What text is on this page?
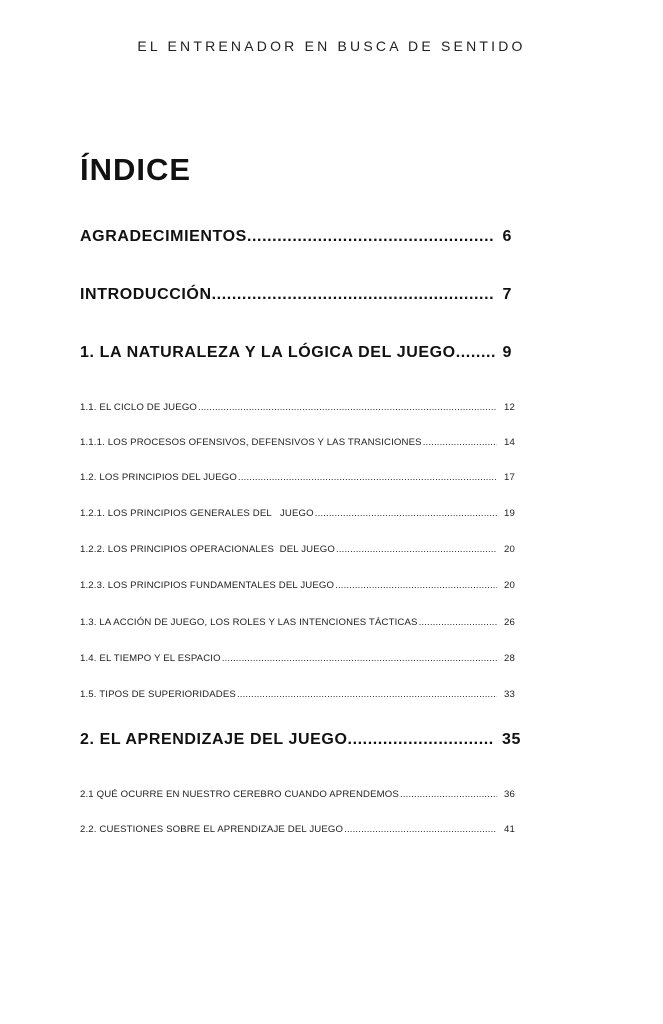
EL ENTRENADOR EN BUSCA DE SENTIDO
ÍNDICE
AGRADECIMIENTOS .....	6
INTRODUCCIÓN .....	7
1. LA NATURALEZA Y LA LÓGICA DEL JUEGO .....	9
1.1. EL CICLO DE JUEGO .....	12
1.1.1. LOS PROCESOS OFENSIVOS, DEFENSIVOS Y LAS TRANSICIONES .....	14
1.2. LOS PRINCIPIOS DEL JUEGO .....	17
1.2.1. LOS PRINCIPIOS GENERALES DEL   JUEGO .....	19
1.2.2. LOS PRINCIPIOS OPERACIONALES  DEL JUEGO .....	20
1.2.3. LOS PRINCIPIOS FUNDAMENTALES DEL JUEGO .....	20
1.3. LA ACCIÓN DE JUEGO, LOS ROLES Y LAS INTENCIONES TÁCTICAS .....	26
1.4. EL TIEMPO Y EL ESPACIO .....	28
1.5. TIPOS DE SUPERIORIDADES .....	33
2. EL APRENDIZAJE DEL JUEGO .....	35
2.1 QUÉ OCURRE EN NUESTRO CEREBRO CUANDO APRENDEMOS .....	36
2.2. CUESTIONES SOBRE EL APRENDIZAJE DEL JUEGO .....	41
